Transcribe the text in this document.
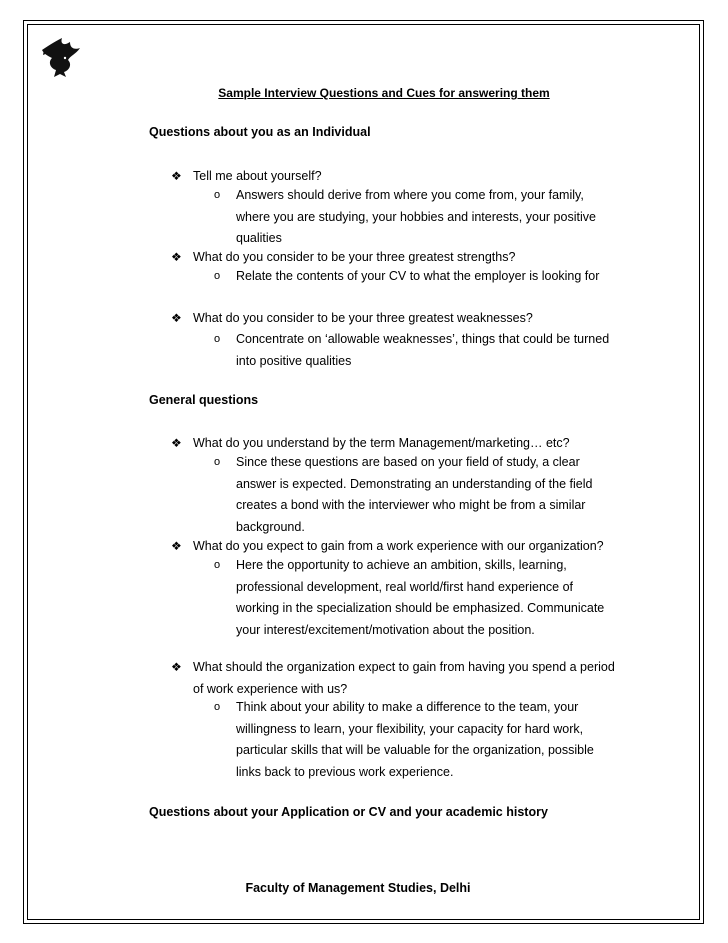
Sample Interview Questions and Cues for answering them
Questions about you as an Individual
❖ Tell me about yourself?
o	Answers should derive from where you come from, your family, where you are studying, your hobbies and interests, your positive qualities
❖ What do you consider to be your three greatest strengths?
o	Relate the contents of your CV to what the employer is looking for
❖ What do you consider to be your three greatest weaknesses?
o	Concentrate on ‘allowable weaknesses’, things that could be turned into positive qualities
General questions
❖ What do you understand by the term Management/marketing… etc?
o	Since these questions are based on your field of study, a clear answer is expected. Demonstrating an understanding of the field creates a bond with the interviewer who might be from a similar background.
❖ What do you expect to gain from a work experience with our organization?
o	Here the opportunity to achieve an ambition, skills, learning, professional development, real world/first hand experience of working in the specialization should be emphasized. Communicate your interest/excitement/motivation about the position.
❖ What should the organization expect to gain from having you spend a period of work experience with us?
o	Think about your ability to make a difference to the team, your willingness to learn, your flexibility, your capacity for hard work, particular skills that will be valuable for the organization, possible links back to previous work experience.
Questions about your Application or CV and your academic history
Faculty of Management Studies, Delhi
